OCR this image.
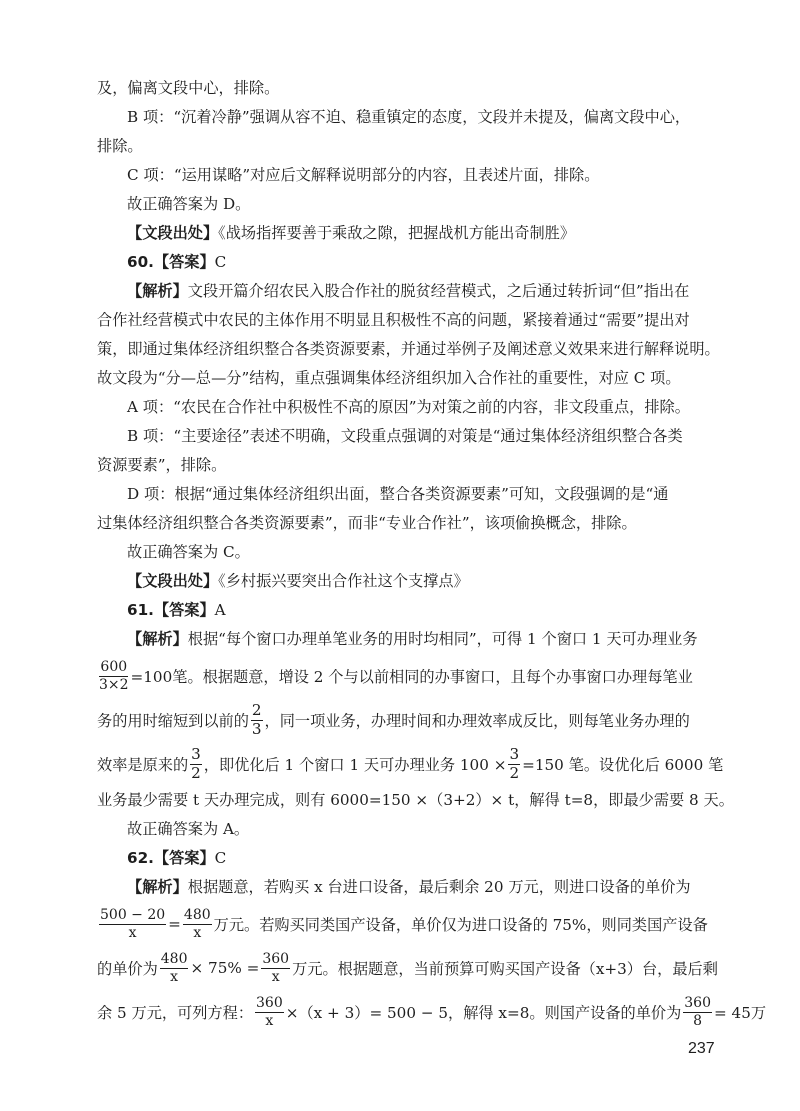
及，偏离文段中心，排除。
B 项：“沉着冷静”强调从容不迫、稳重镇定的态度，文段并未提及，偏离文段中心，
排除。
C 项：“运用谋略”对应后文解释说明部分的内容，且表述片面，排除。
故正确答案为 D。
【文段出处】《战场指挥要善于乘敌之隙，把握战机方能出奇制胜》
60.【答案】C
【解析】文段开篇介绍农民入股合作社的脱贫经营模式，之后通过转折词“但”指出在
合作社经营模式中农民的主体作用不明显且积极性不高的问题，紧接着通过“需要”提出对
策，即通过集体经济组织整合各类资源要素，并通过举例子及阐述意义效果来进行解释说明。
故文段为“分—总—分”结构，重点强调集体经济组织加入合作社的重要性，对应 C 项。
A 项：“农民在合作社中积极性不高的原因”为对策之前的内容，非文段重点，排除。
B 项：“主要途径”表述不明确，文段重点强调的对策是“通过集体经济组织整合各类
资源要素”，排除。
D 项：根据“通过集体经济组织出面，整合各类资源要素”可知，文段强调的是“通
过集体经济组织整合各类资源要素”，而非“专业合作社”，该项偷换概念，排除。
故正确答案为 C。
【文段出处】《乡村振兴要突出合作社这个支撑点》
61.【答案】A
【解析】根据“每个窗口办理单笔业务的用时均相同”，可得 1 个窗口 1 天可办理业务
$\frac{600}{3\times 2} =100$笔。根据题意，增设 2 个与以前相同的办事窗口，且每个办事窗口办理每笔业
务的用时缩短到以前的 $\frac{2}{3}$ ，同一项业务，办理时间和办理效率成反比，则每笔业务办理的
效率是原来的 $\frac{3}{2}$ ，即优化后 1 个窗口 1 天可办理业务 $100 \times \frac{3}{2} =150$ 笔。设优化后 6000 笔
业务最少需要 t 天办理完成，则有 6000=150 ×（3+2）× t，解得 t=8，即最少需要 8 天。
故正确答案为 A。
62.【答案】C
【解析】根据题意，若购买 x 台进口设备，最后剩余 20 万元，则进口设备的单价为
$\frac{500 - 20}{x} = \frac{480}{x}$ 万元。若购买同类国产设备，单价仅为进口设备的 75%，则同类国产设备
的单价为 $\frac{480}{x} \times 75\% = \frac{360}{x}$ 万元。根据题意，当前预算可购买国产设备（x+3）台，最后剩
余 5 万元，可列方程： $\frac{360}{x} \times(x + 3)= 500 - 5$，解得 x=8。则国产设备的单价为 $\frac{360}{8} = 45$万
237
